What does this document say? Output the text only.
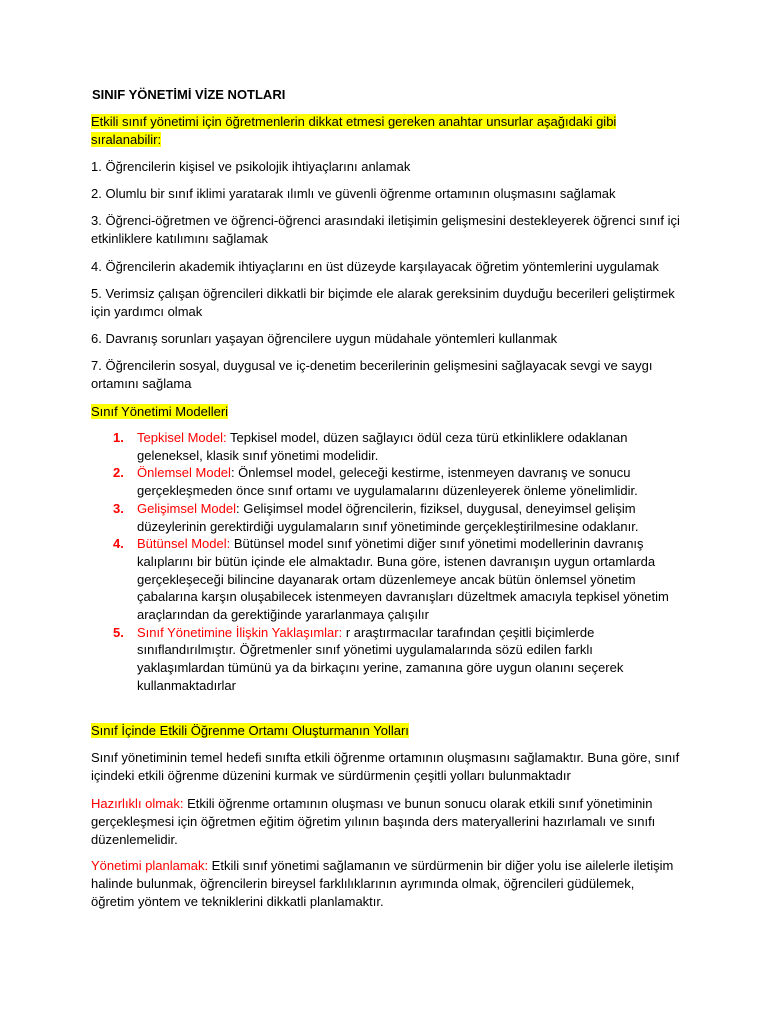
SINIF YÖNETİMİ VİZE NOTLARI
Etkili sınıf yönetimi için öğretmenlerin dikkat etmesi gereken anahtar unsurlar aşağıdaki gibi sıralanabilir:
1. Öğrencilerin kişisel ve psikolojik ihtiyaçlarını anlamak
2. Olumlu bir sınıf iklimi yaratarak ılımlı ve güvenli öğrenme ortamının oluşmasını sağlamak
3. Öğrenci-öğretmen ve öğrenci-öğrenci arasındaki iletişimin gelişmesini destekleyerek öğrenci sınıf içi etkinliklere katılımını sağlamak
4. Öğrencilerin akademik ihtiyaçlarını en üst düzeyde karşılayacak öğretim yöntemlerini uygulamak
5. Verimsiz çalışan öğrencileri dikkatli bir biçimde ele alarak gereksinim duyduğu becerileri geliştirmek için yardımcı olmak
6. Davranış sorunları yaşayan öğrencilere uygun müdahale yöntemleri kullanmak
7. Öğrencilerin sosyal, duygusal ve iç-denetim becerilerinin gelişmesini sağlayacak sevgi ve saygı ortamını sağlama
Sınıf Yönetimi Modelleri
1. Tepkisel Model: Tepkisel model, düzen sağlayıcı ödül ceza türü etkinliklere odaklanan geleneksel, klasik sınıf yönetimi modelidir.
2. Önlemsel Model: Önlemsel model, geleceği kestirme, istenmeyen davranış ve sonucu gerçekleşmeden önce sınıf ortamı ve uygulamalarını düzenleyerek önleme yönelimlidir.
3. Gelişimsel Model: Gelişimsel model öğrencilerin, fiziksel, duygusal, deneyimsel gelişim düzeylerinin gerektirdiği uygulamaların sınıf yönetiminde gerçekleştirilmesine odaklanır.
4. Bütünsel Model: Bütünsel model sınıf yönetimi diğer sınıf yönetimi modellerinin davranış kalıplarını bir bütün içinde ele almaktadır. Buna göre, istenen davranışın uygun ortamlarda gerçekleşeceği bilincine dayanarak ortam düzenlemeye ancak bütün önlemsel yönetim çabalarına karşın oluşabilecek istenmeyen davranışları düzeltmek amacıyla tepkisel yönetim araçlarından da gerektiğinde yararlanmaya çalışılır
5. Sınıf Yönetimine İlişkin Yaklaşımlar: r araştırmacılar tarafından çeşitli biçimlerde sınıflandırılmıştır. Öğretmenler sınıf yönetimi uygulamalarında sözü edilen farklı yaklaşımlardan tümünü ya da birkaçını yerine, zamanına göre uygun olanını seçerek kullanmaktadırlar
Sınıf İçinde Etkili Öğrenme Ortamı Oluşturmanın Yolları
Sınıf yönetiminin temel hedefi sınıfta etkili öğrenme ortamının oluşmasını sağlamaktır. Buna göre, sınıf içindeki etkili öğrenme düzenini kurmak ve sürdürmenin çeşitli yolları bulunmaktadır
Hazırlıklı olmak: Etkili öğrenme ortamının oluşması ve bunun sonucu olarak etkili sınıf yönetiminin gerçekleşmesi için öğretmen eğitim öğretim yılının başında ders materyallerini hazırlamalı ve sınıfı düzenlemelidir.
Yönetimi planlamak: Etkili sınıf yönetimi sağlamanın ve sürdürmenin bir diğer yolu ise ailelerle iletişim halinde bulunmak, öğrencilerin bireysel farklılıklarının ayrımında olmak, öğrencileri güdülemek, öğretim yöntem ve tekniklerini dikkatli planlamaktır.
